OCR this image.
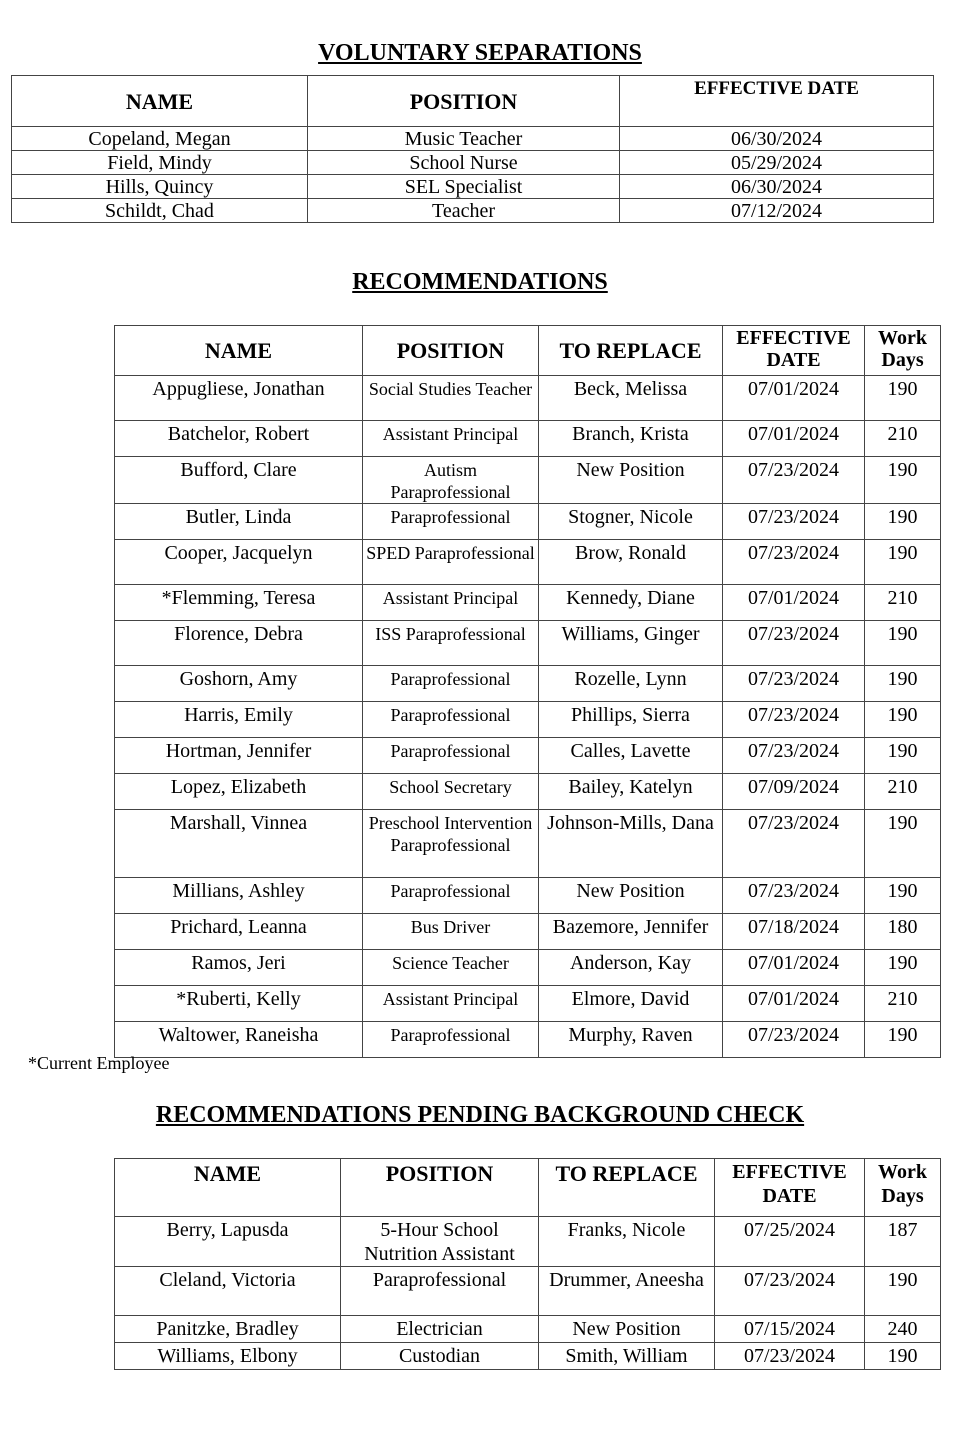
VOLUNTARY SEPARATIONS
NAME	POSITION	EFFECTIVE DATE
Copeland, Megan	Music Teacher	06/30/2024
Field, Mindy	School Nurse	05/29/2024
Hills, Quincy	SEL Specialist	06/30/2024
Schildt, Chad	Teacher	07/12/2024
RECOMMENDATIONS
NAME	POSITION	TO REPLACE	EFFECTIVE DATE	Work Days
Appugliese, Jonathan	Social Studies Teacher	Beck, Melissa	07/01/2024	190
Batchelor, Robert	Assistant Principal	Branch, Krista	07/01/2024	210
Bufford, Clare	Autism Paraprofessional	New Position	07/23/2024	190
Butler, Linda	Paraprofessional	Stogner, Nicole	07/23/2024	190
Cooper, Jacquelyn	SPED Paraprofessional	Brow, Ronald	07/23/2024	190
*Flemming, Teresa	Assistant Principal	Kennedy, Diane	07/01/2024	210
Florence, Debra	ISS Paraprofessional	Williams, Ginger	07/23/2024	190
Goshorn, Amy	Paraprofessional	Rozelle, Lynn	07/23/2024	190
Harris, Emily	Paraprofessional	Phillips, Sierra	07/23/2024	190
Hortman, Jennifer	Paraprofessional	Calles, Lavette	07/23/2024	190
Lopez, Elizabeth	School Secretary	Bailey, Katelyn	07/09/2024	210
Marshall, Vinnea	Preschool Intervention Paraprofessional	Johnson-Mills, Dana	07/23/2024	190
Millians, Ashley	Paraprofessional	New Position	07/23/2024	190
Prichard, Leanna	Bus Driver	Bazemore, Jennifer	07/18/2024	180
Ramos, Jeri	Science Teacher	Anderson, Kay	07/01/2024	190
*Ruberti, Kelly	Assistant Principal	Elmore, David	07/01/2024	210
Waltower, Raneisha	Paraprofessional	Murphy, Raven	07/23/2024	190
*Current Employee
RECOMMENDATIONS PENDING BACKGROUND CHECK
NAME	POSITION	TO REPLACE	EFFECTIVE DATE	Work Days
Berry, Lapusda	5-Hour School Nutrition Assistant	Franks, Nicole	07/25/2024	187
Cleland, Victoria	Paraprofessional	Drummer, Aneesha	07/23/2024	190
Panitzke, Bradley	Electrician	New Position	07/15/2024	240
Williams, Elbony	Custodian	Smith, William	07/23/2024	190
